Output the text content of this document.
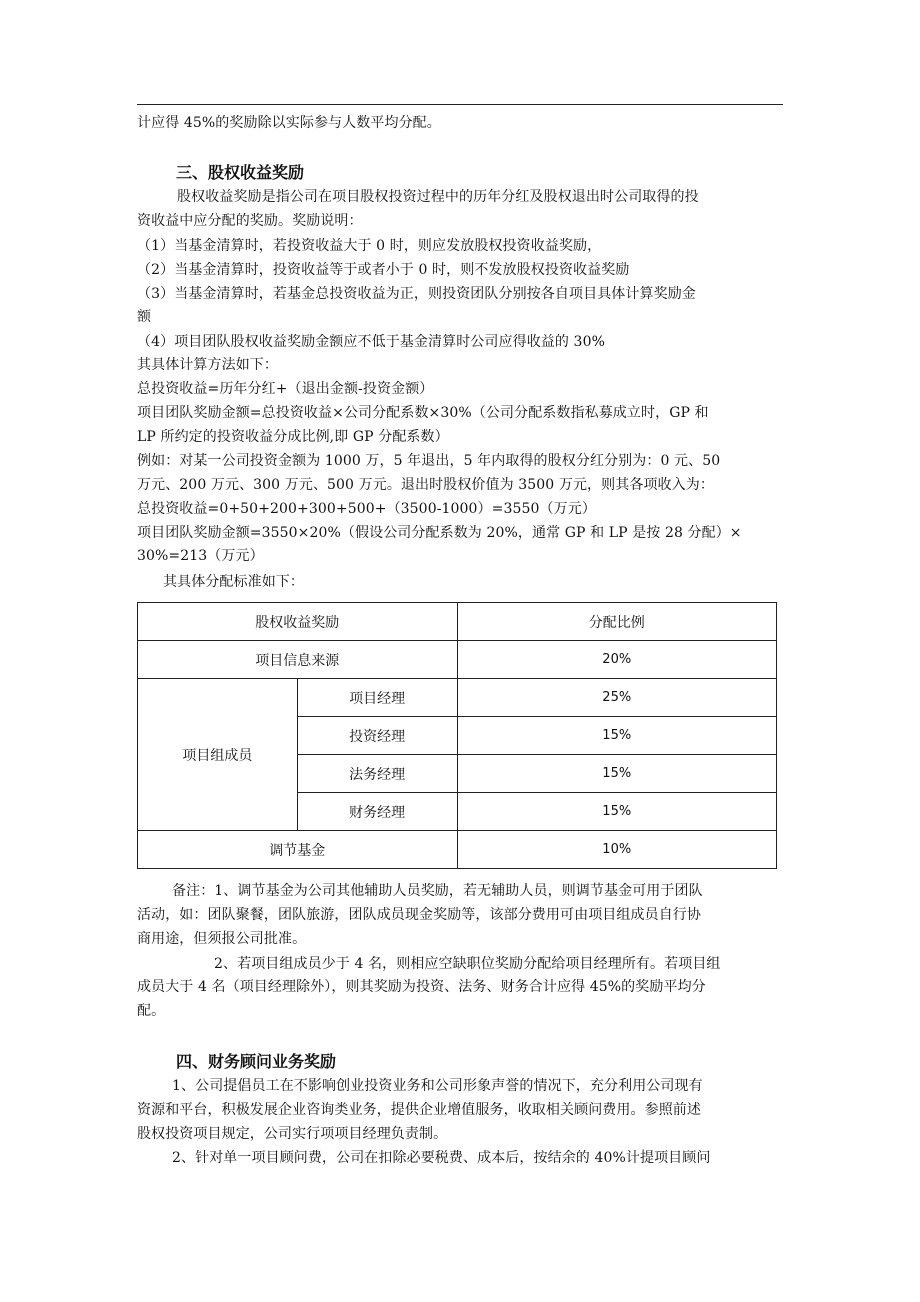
计应得 45%的奖励除以实际参与人数平均分配。
三、股权收益奖励
股权收益奖励是指公司在项目股权投资过程中的历年分红及股权退出时公司取得的投
资收益中应分配的奖励。奖励说明：
（1）当基金清算时，若投资收益大于 0 时，则应发放股权投资收益奖励，
（2）当基金清算时，投资收益等于或者小于 0 时，则不发放股权投资收益奖励
（3）当基金清算时，若基金总投资收益为正，则投资团队分别按各自项目具体计算奖励金
额
（4）项目团队股权收益奖励金额应不低于基金清算时公司应得收益的 30%
其具体计算方法如下：
总投资收益=历年分红+（退出金额-投资金额）
项目团队奖励金额=总投资收益×公司分配系数×30%（公司分配系数指私募成立时，GP 和
LP 所约定的投资收益分成比例,即 GP 分配系数）
例如：对某一公司投资金额为 1000 万，5 年退出，5 年内取得的股权分红分别为：0 元、50
万元、200 万元、300 万元、500 万元。退出时股权价值为 3500 万元，则其各项收入为：
总投资收益=0+50+200+300+500+（3500-1000）=3550（万元）
项目团队奖励金额=3550×20%（假设公司分配系数为 20%，通常 GP 和 LP 是按 28 分配）×
30%=213（万元）
其具体分配标准如下：
股权收益奖励		分配比例
项目信息来源		20%
项目组成员	项目经理	25%
	投资经理	15%
	法务经理	15%
	财务经理	15%
调节基金		10%
备注：1、调节基金为公司其他辅助人员奖励，若无辅助人员，则调节基金可用于团队
活动，如：团队聚餐，团队旅游，团队成员现金奖励等，该部分费用可由项目组成员自行协
商用途，但须报公司批准。
2、若项目组成员少于 4 名，则相应空缺职位奖励分配给项目经理所有。若项目组
成员大于 4 名（项目经理除外），则其奖励为投资、法务、财务合计应得 45%的奖励平均分
配。
四、财务顾问业务奖励
1、公司提倡员工在不影响创业投资业务和公司形象声誉的情况下，充分利用公司现有
资源和平台，积极发展企业咨询类业务，提供企业增值服务，收取相关顾问费用。参照前述
股权投资项目规定，公司实行项项目经理负责制。
2、针对单一项目顾问费，公司在扣除必要税费、成本后，按结余的 40%计提项目顾问
